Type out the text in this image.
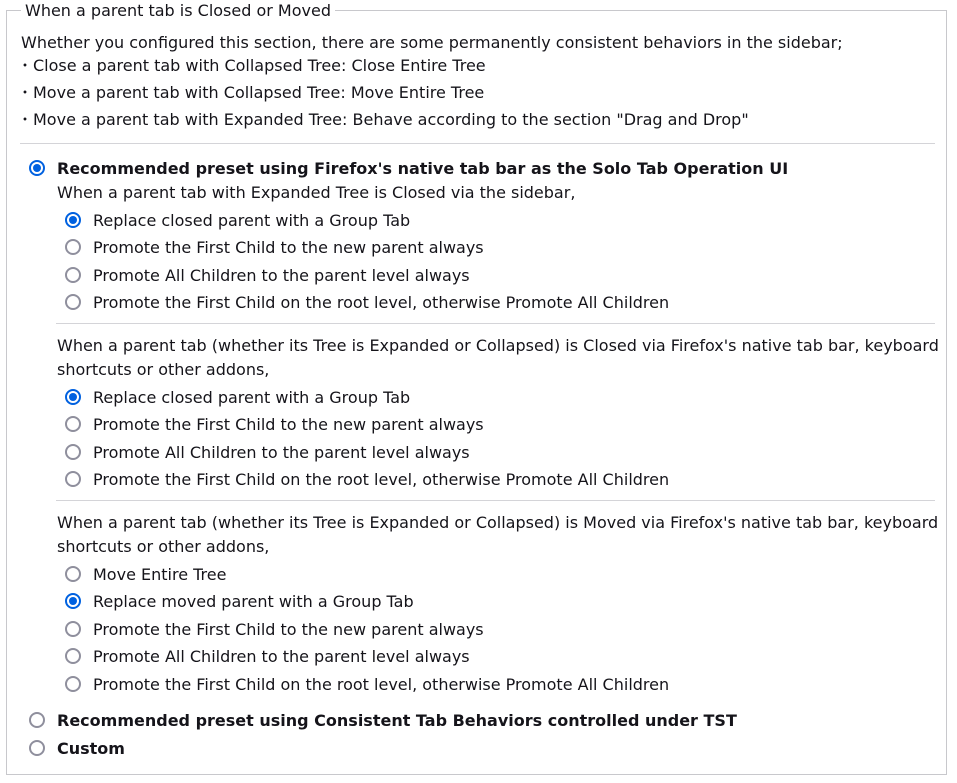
When a parent tab is Closed or Moved
Whether you configured this section, there are some permanently consistent behaviors in the sidebar;
・Close a parent tab with Collapsed Tree: Close Entire Tree
・Move a parent tab with Collapsed Tree: Move Entire Tree
・Move a parent tab with Expanded Tree: Behave according to the section "Drag and Drop"
Recommended preset using Firefox's native tab bar as the Solo Tab Operation UI
When a parent tab with Expanded Tree is Closed via the sidebar,
Replace closed parent with a Group Tab
Promote the First Child to the new parent always
Promote All Children to the parent level always
Promote the First Child on the root level, otherwise Promote All Children
When a parent tab (whether its Tree is Expanded or Collapsed) is Closed via Firefox's native tab bar, keyboard
shortcuts or other addons,
Replace closed parent with a Group Tab
Promote the First Child to the new parent always
Promote All Children to the parent level always
Promote the First Child on the root level, otherwise Promote All Children
When a parent tab (whether its Tree is Expanded or Collapsed) is Moved via Firefox's native tab bar, keyboard
shortcuts or other addons,
Move Entire Tree
Replace moved parent with a Group Tab
Promote the First Child to the new parent always
Promote All Children to the parent level always
Promote the First Child on the root level, otherwise Promote All Children
Recommended preset using Consistent Tab Behaviors controlled under TST
Custom
